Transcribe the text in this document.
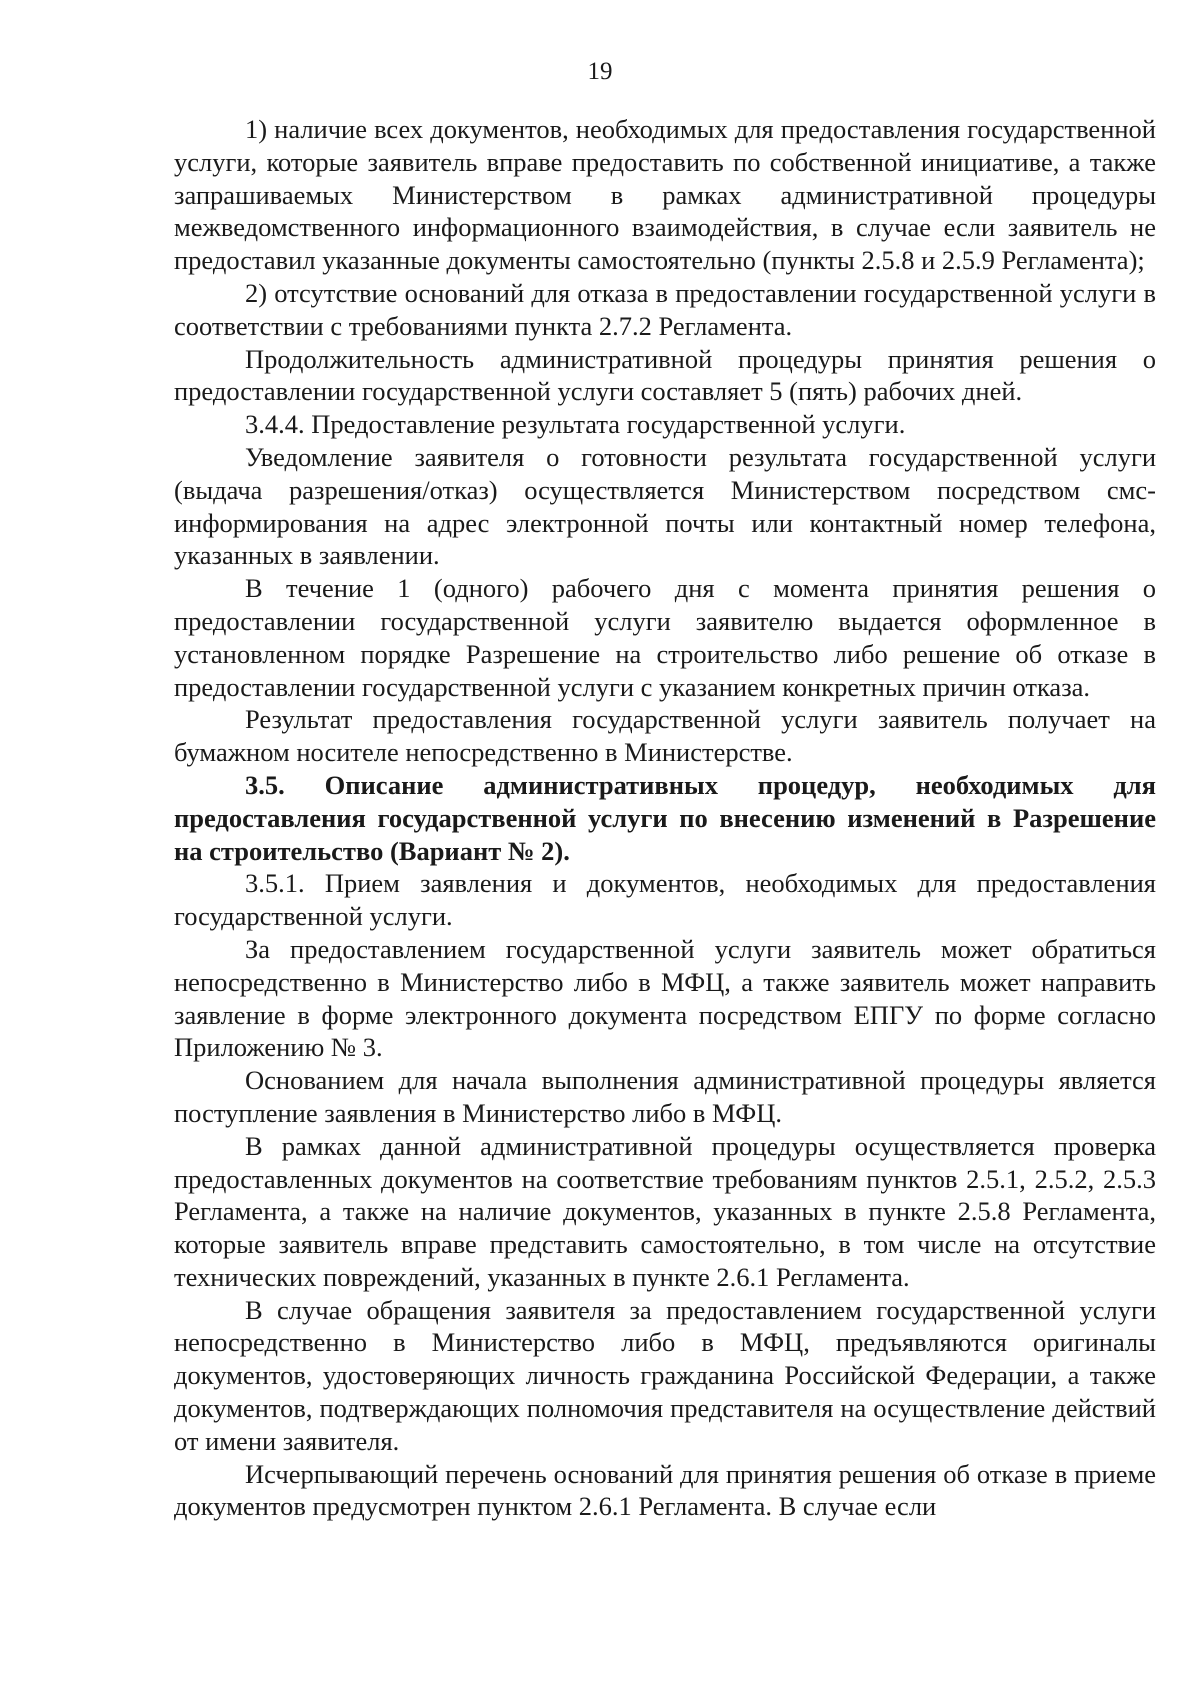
19

1) наличие всех документов, необходимых для предоставления государственной услуги, которые заявитель вправе предоставить по собственной инициативе, а также запрашиваемых Министерством в рамках административной процедуры межведомственного информационного взаимодействия, в случае если заявитель не предоставил указанные документы самостоятельно (пункты 2.5.8 и 2.5.9 Регламента);

2) отсутствие оснований для отказа в предоставлении государственной услуги в соответствии с требованиями пункта 2.7.2 Регламента.

Продолжительность административной процедуры принятия решения о предоставлении государственной услуги составляет 5 (пять) рабочих дней.

3.4.4. Предоставление результата государственной услуги.

Уведомление заявителя о готовности результата государственной услуги (выдача разрешения/отказ) осуществляется Министерством посредством смс-информирования на адрес электронной почты или контактный номер телефона, указанных в заявлении.

В течение 1 (одного) рабочего дня с момента принятия решения о предоставлении государственной услуги заявителю выдается оформленное в установленном порядке Разрешение на строительство либо решение об отказе в предоставлении государственной услуги с указанием конкретных причин отказа.

Результат предоставления государственной услуги заявитель получает на бумажном носителе непосредственно в Министерстве.

3.5. Описание административных процедур, необходимых для предоставления государственной услуги по внесению изменений в Разрешение на строительство (Вариант № 2).

3.5.1. Прием заявления и документов, необходимых для предоставления государственной услуги.

За предоставлением государственной услуги заявитель может обратиться непосредственно в Министерство либо в МФЦ, а также заявитель может направить заявление в форме электронного документа посредством ЕПГУ по форме согласно Приложению № 3.

Основанием для начала выполнения административной процедуры является поступление заявления в Министерство либо в МФЦ.

В рамках данной административной процедуры осуществляется проверка предоставленных документов на соответствие требованиям пунктов 2.5.1, 2.5.2, 2.5.3 Регламента, а также на наличие документов, указанных в пункте 2.5.8 Регламента, которые заявитель вправе представить самостоятельно, в том числе на отсутствие технических повреждений, указанных в пункте 2.6.1 Регламента.

В случае обращения заявителя за предоставлением государственной услуги непосредственно в Министерство либо в МФЦ, предъявляются оригиналы документов, удостоверяющих личность гражданина Российской Федерации, а также документов, подтверждающих полномочия представителя на осуществление действий от имени заявителя.

Исчерпывающий перечень оснований для принятия решения об отказе в приеме документов предусмотрен пунктом 2.6.1 Регламента. В случае если
